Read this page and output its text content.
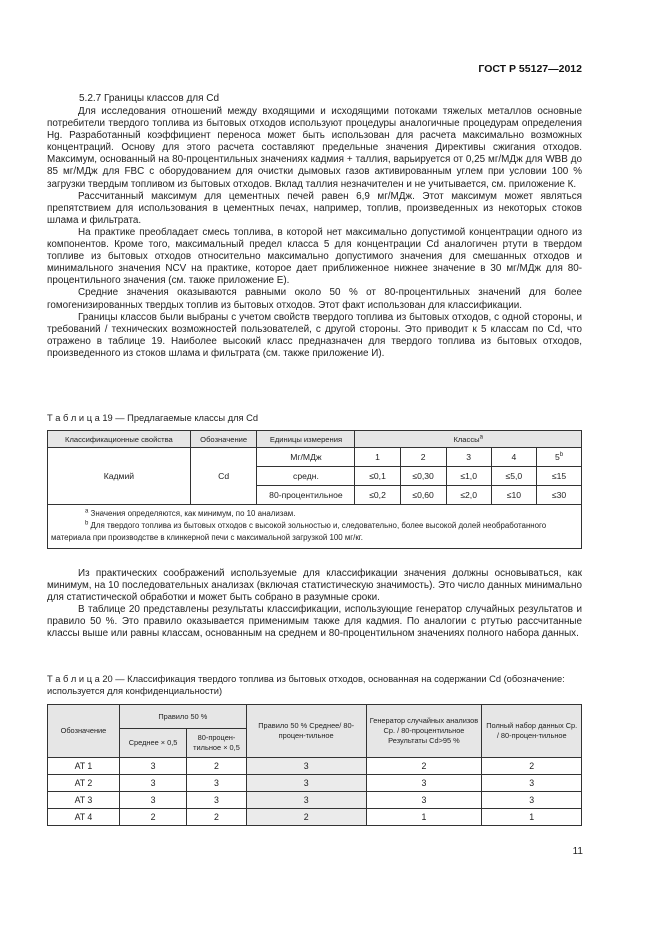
ГОСТ Р 55127—2012
5.2.7 Границы классов для Cd

Для исследования отношений между входящими и исходящими потоками тяжелых металлов основные потребители твердого топлива из бытовых отходов используют процедуры аналогичные процедурам определения Hg. Разработанный коэффициент переноса может быть использован для расчета максимально возможных концентраций. Основу для этого расчета составляют предельные значения Директивы сжигания отходов. Максимум, основанный на 80-процентильных значениях кадмия + таллия, варьируется от 0,25 мг/МДж для WBB до 85 мг/МДж для FBC с оборудованием для очистки дымовых газов активированным углем при условии 100 % загрузки твердым топливом из бытовых отходов. Вклад таллия незначителен и не учитывается, см. приложение К.

Рассчитанный максимум для цементных печей равен 6,9 мг/МДж. Этот максимум может являться препятствием для использования в цементных печах, например, топлив, произведенных из некоторых стоков шлама и фильтрата.

На практике преобладает смесь топлива, в которой нет максимально допустимой концентрации одного из компонентов. Кроме того, максимальный предел класса 5 для концентрации Cd аналогичен ртути в твердом топливе из бытовых отходов относительно максимально допустимого значения для смешанных отходов и минимального значения NCV на практике, которое дает приближенное нижнее значение в 30 мг/МДж для 80-процентильного значения (см. также приложение Е).

Средние значения оказываются равными около 50 % от 80-процентильных значений для более гомогенизированных твердых топлив из бытовых отходов. Этот факт использован для классификации.

Границы классов были выбраны с учетом свойств твердого топлива из бытовых отходов, с одной стороны, и требований / технических возможностей пользователей, с другой стороны. Это приводит к 5 классам по Cd, что отражено в таблице 19. Наиболее высокий класс предназначен для твердого топлива из бытовых отходов, произведенного из стоков шлама и фильтрата (см. также приложение И).

Т а б л и ц а 19 — Предлагаемые классы для Cd
Классификационные свойства	Обозначение	Единицы измерения	Классы$^a$
Кадмий	Cd	Мг/МДж	1	2	3	4	5$^b$
		средн.	≤0,1	≤0,30	≤1,0	≤5,0	≤15
		80-процентильное	≤0,2	≤0,60	≤2,0	≤10	≤30

$^a$ Значения определяются, как минимум, по 10 анализам.
$^b$ Для твердого топлива из бытовых отходов с высокой зольностью и, следовательно, более высокой долей необработанного материала при производстве в клинкерной печи с максимальной загрузкой 100 мг/кг.							

Из практических соображений используемые для классификации значения должны основываться, как минимум, на 10 последовательных анализах (включая статистическую значимость). Это число данных минимально для статистической обработки и может быть собрано в разумные сроки.

В таблице 20 представлены результаты классификации, использующие генератор случайных результатов и правило 50 %. Это правило оказывается применимым также для кадмия. По аналогии с ртутью рассчитанные классы выше или равны классам, основанным на среднем и 80-процентильном значениях полного набора данных.

Т а б л и ц а 20 — Классификация твердого топлива из бытовых отходов, основанная на содержании Cd (обозначение: используется для конфиденциальности)
Обозначение	Правило 50 %		Правило 50 % Среднее/ 80-процен-тильное	Генератор случайных анализов Ср. / 80-процентильное Результаты Cd>95 %	Полный набор данных Ср. / 80-процен-тильное
	Среднее × 0,5	80-процен-тильное × 0,5			
AT 1	3	2	3	2	2
AT 2	3	3	3	3	3
AT 3	3	3	3	3	3
AT 4	2	2	2	1	1
11
